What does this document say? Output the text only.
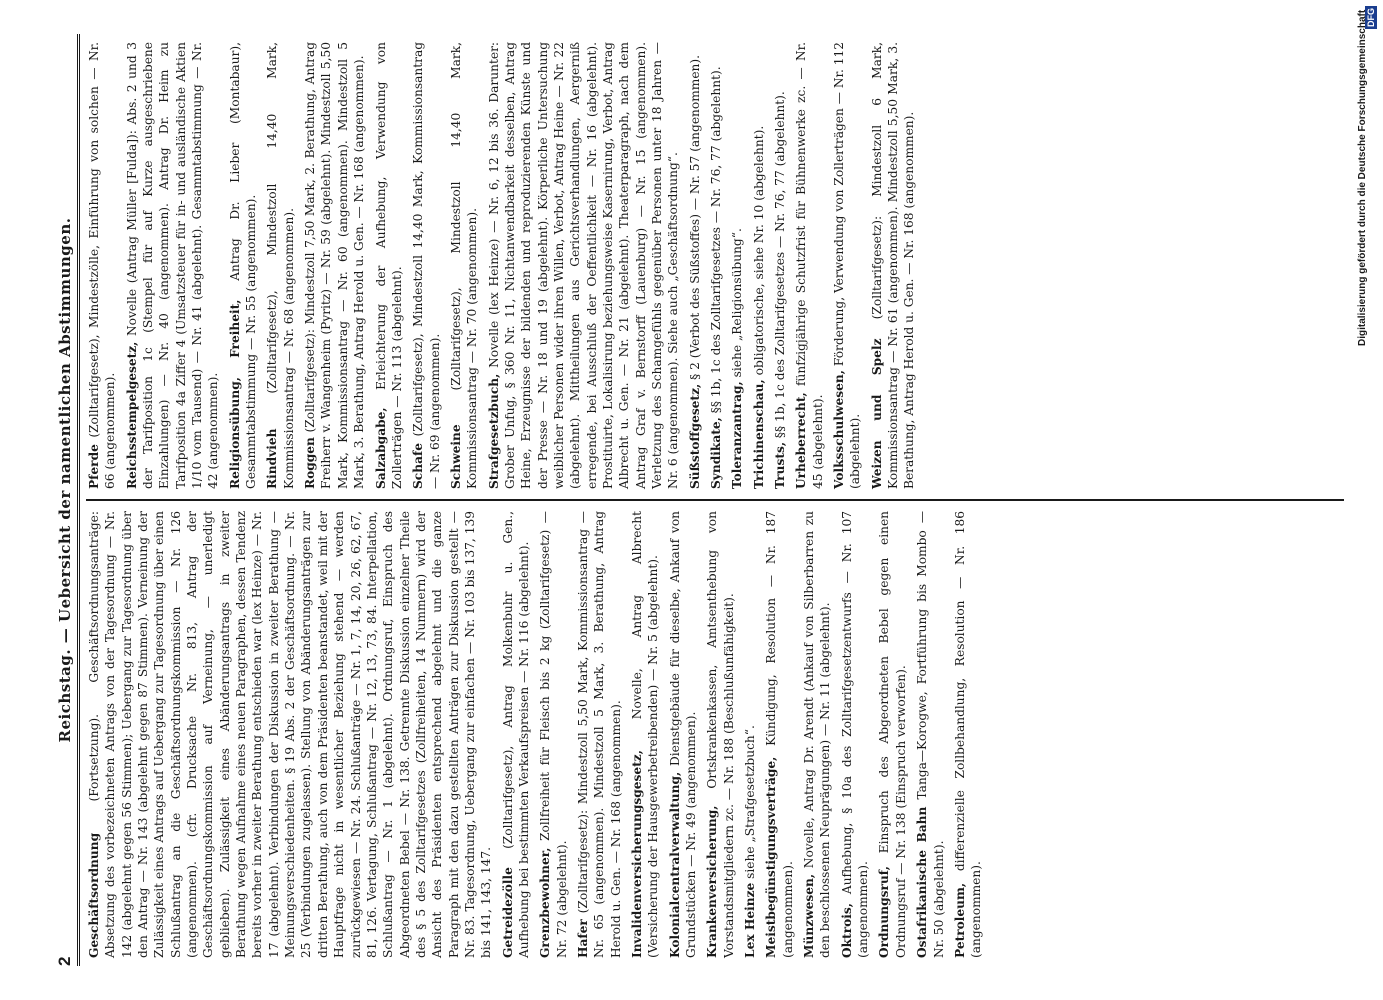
DFG
Digitalisierung gefördert durch die Deutsche Forschungsgemeinschaft
2
Reichstag. — Uebersicht der namentlichen Abstimmungen.

Geschäftsordnung (Fortsetzung). Geschäftsordnungsanträge: Absetzung des vorbezeichneten Antrags von der Tagesordnung — Nr. 142 (abgelehnt gegen 56 Stimmen); Uebergang zur Tagesordnung über den Antrag — Nr. 143 (abgelehnt gegen 87 Stimmen). Verneinung der Zulässigkeit eines Antrags auf Uebergang zur Tagesordnung über einen Schlußantrag an die Geschäftsordnungskommission — Nr. 126 (angenommen). (cfr. Drucksache Nr. 813, Antrag der Geschäftsordnungskommission auf Verneinung, — unerledigt geblieben). Zulässigkeit eines Abänderungsantrags in zweiter Berathung wegen Aufnahme eines neuen Paragraphen, dessen Tendenz bereits vorher in zweiter Berathung entschieden war (lex Heinze) — Nr. 17 (abgelehnt). Verbindungen der Diskussion in zweiter Berathung — Meinungsverschiedenheiten. § 19 Abs. 2 der Geschäftsordnung. — Nr. 25 (Verbindungen zugelassen). Stellung von Abänderungsanträgen zur dritten Berathung, auch von dem Präsidenten beanstandet, weil mit der Hauptfrage nicht in wesentlicher Beziehung stehend — werden zurückgewiesen — Nr. 24. Schlußanträge — Nr. 1, 7, 14, 20, 26, 62, 67, 81, 126. Vertagung, Schlußantrag — Nr. 12, 13, 73, 84. Interpellation, Schlußantrag — Nr. 1 (abgelehnt). Ordnungsruf, Einspruch des Abgeordneten Bebel — Nr. 138. Getrennte Diskussion einzelner Theile des § 5 des Zolltarifgesetzes (Zollfreiheiten, 14 Nummern) wird der Ansicht des Präsidenten entsprechend abgelehnt und die ganze Paragraph mit den dazu gestellten Anträgen zur Diskussion gestellt — Nr. 83. Tagesordnung, Uebergang zur einfachen — Nr. 103 bis 137, 139 bis 141, 143, 147. Getreidezölle (Zolltarifgesetz), Antrag Molkenbuhr u. Gen., Aufhebung bei bestimmten Verkaufspreisen — Nr. 116 (abgelehnt). Grenzbewohner, Zollfreiheit für Fleisch bis 2 kg (Zolltarifgesetz) — Nr. 72 (abgelehnt). Hafer (Zolltarifgesetz): Mindestzoll 5,50 Mark, Kommissionsantrag — Nr. 65 (angenommen). Mindestzoll 5 Mark, 3. Berathung, Antrag Herold u. Gen. — Nr. 168 (angenommen). Invalidenversicherungsgesetz, Novelle, Antrag Albrecht (Versicherung der Hausgewerbetreibenden) — Nr. 5 (abgelehnt). Kolonialcentralverwaltung, Dienstgebäude für dieselbe, Ankauf von Grundstücken — Nr. 49 (angenommen). Krankenversicherung, Ortskrankenkassen, Amtsenthebung von Vorstandsmitgliedern zc. — Nr. 188 (Beschlußunfähigkeit). Lex Heinze siehe „Strafgesetzbuch“. Meistbegünstigungsverträge, Kündigung, Resolution — Nr. 187 (angenommen). Münzwesen, Novelle, Antrag Dr. Arendt (Ankauf von Silberbarren zu den beschlossenen Neuprägungen) — Nr. 11 (abgelehnt). Oktrois, Aufhebung, § 10a des Zolltarifgesetzentwurfs — Nr. 107 (angenommen). Ordnungsruf, Einspruch des Abgeordneten Bebel gegen einen Ordnungsruf — Nr. 138 (Einspruch verworfen). Ostafrikanische Bahn Tanga—Korogwe, Fortführung bis Mombo — Nr. 50 (abgelehnt). Petroleum, differenzielle Zollbehandlung, Resolution — Nr. 186 (angenommen).

Pferde (Zolltarifgesetz), Mindestzölle, Einführung von solchen — Nr. 66 (angenommen). Reichsstempelgesetz, Novelle (Antrag Müller [Fulda]): Abs. 2 und 3 der Tarifposition 1c (Stempel für auf Kurze ausgeschriebene Einzahlungen) — Nr. 40 (angenommen). Antrag Dr. Heim zu Tarifposition 4a Ziffer 4 (Umsatzsteuer für in- und ausländische Aktien 1/10 vom Tausend) — Nr. 41 (abgelehnt). Gesammtabstimmung — Nr. 42 (angenommen). Religionsübung, Freiheit, Antrag Dr. Lieber (Montabaur), Gesammtabstimmung — Nr. 55 (angenommen). Rindvieh (Zolltarifgesetz), Mindestzoll 14,40 Mark, Kommissionsantrag — Nr. 68 (angenommen). Roggen (Zolltarifgesetz): Mindestzoll 7,50 Mark, 2. Berathung, Antrag Freiherr v. Wangenheim (Pyritz) — Nr. 59 (abgelehnt). Mindestzoll 5,50 Mark, Kommissionsantrag — Nr. 60 (angenommen). Mindestzoll 5 Mark, 3. Berathung, Antrag Herold u. Gen. — Nr. 168 (angenommen). Salzabgabe, Erleichterung der Aufhebung, Verwendung von Zollerträgen — Nr. 113 (abgelehnt). Schafe (Zolltarifgesetz), Mindestzoll 14,40 Mark, Kommissionsantrag — Nr. 69 (angenommen). Schweine (Zolltarifgesetz), Mindestzoll 14,40 Mark, Kommissionsantrag — Nr. 70 (angenommen). Strafgesetzbuch, Novelle (lex Heinze) — Nr. 6, 12 bis 36. Darunter: Grober Unfug, § 360 Nr. 11, Nichtanwendbarkeit desselben, Antrag Heine, Erzeugnisse der bildenden und reproduzierenden Künste und der Presse — Nr. 18 und 19 (abgelehnt). Körperliche Untersuchung weiblicher Personen wider ihren Willen, Verbot, Antrag Heine — Nr. 22 (abgelehnt). Mittheilungen aus Gerichtsverhandlungen, Aergerniß erregende, bei Ausschluß der Oeffentlichkeit — Nr. 16 (abgelehnt). Prostituirte, Lokalisirung beziehungsweise Kasernirung, Verbot, Antrag Albrecht u. Gen. — Nr. 21 (abgelehnt). Theaterparagraph, nach dem Antrag Graf v. Bernstorff (Lauenburg) — Nr. 15 (angenommen). Verletzung des Schamgefühls gegenüber Personen unter 18 Jahren — Nr. 6 (angenommen). Siehe auch „Geschäftsordnung“. Süßstoffgesetz, § 2 (Verbot des Süßstoffes) — Nr. 57 (angenommen).

Syndikate, §§ 1b, 1c des Zolltarifgesetzes — Nr. 76, 77 (abgelehnt).

Toleranzantrag, siehe „Religionsübung“.

Trichinenschau, obligatorische, siehe Nr. 10 (abgelehnt).

Trusts, §§ 1b, 1c des Zolltarifgesetzes — Nr. 76, 77 (abgelehnt).

Urheberrecht, fünfzigjährige Schutzfrist für Bühnenwerke zc. — Nr. 45 (abgelehnt). Volksschulwesen, Förderung, Verwendung von Zollerträgen — Nr. 112 (abgelehnt). Weizen und Spelz (Zolltarifgesetz): Mindestzoll 6 Mark, Kommissionsantrag — Nr. 61 (angenommen). Mindestzoll 5,50 Mark, 3. Berathung, Antrag Herold u. Gen. — Nr. 168 (angenommen).
